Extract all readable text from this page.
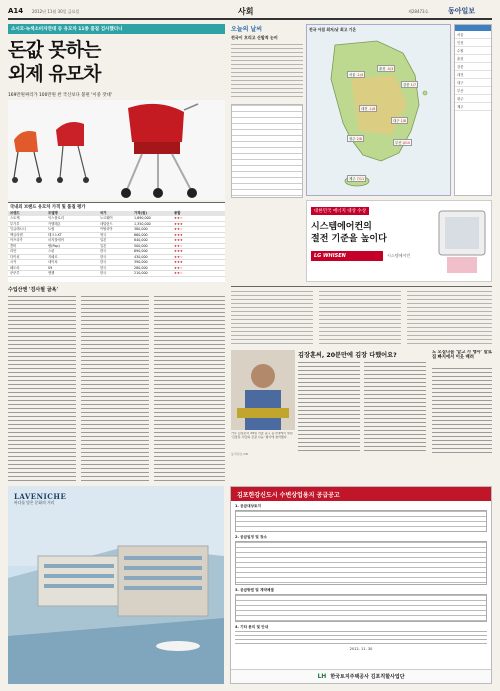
A14 2012년 11월 30일 금요일	사회	제28473호	동아일보
소시모·녹색소비자연대 등 유모차 11종 품질 검사했더니
돈값 못하는
외제 유모차
169만원짜리가 100만원 싼 국산보다 불편 '이중 잣대'
국내외 브랜드 유모차 가격 및 품질 평가
브랜드	모델명	국가	가격(원)	종합
스토케	익스플로리	노르웨이	1,690,000	★★☆
부가부	카멜레온	네덜란드	1,350,000	★★★
잉글레시나	트립	이탈리아	380,000	★★☆
맥클라렌	테크노XT	영국	660,000	★★★
아프리카	마지컬에어	일본	640,000	★★★
콤비	팝(Pop)	일본	500,000	★★☆
리안	스핀	한국	690,000	★★★
다이치	지페르	한국	430,000	★★☆
시커	네이처	한국	390,000	★★★
페도라	S9	한국	280,000	★★☆
쿠쿠루	엔젤	한국	210,000	★★☆
수입산엔 '검사필 굴욕'
오늘의 날씨
전국이 흐리고 산발적 눈비
전국 아침 최저/낮 최고 기온
서울-1/4
춘천-5/3
강릉1/7
대전-1/6
대구1/8
광주2/8
부산4/10
제주7/11
서울
인천
수원
춘천
강릉
대전
대구
부산
광주
제주
대한민국 에너지 대상 수상
시스템에어컨의
절전 기준을 높이다
LG WHISEN	시스템에어컨
가수 김장훈이 29일 서울 중구 동국대에서 열린 '김장훈 사랑의 김장 나눔' 행사에 참석했다.
동아일보 DB
김장훈씨, 20분만에 김장 다했어요?	도 모집나눔 '알고 가 행사' 말로 집 빠지에서 이웃 배려
바다를 담은 문화의 거리
LAVENICHE	김포한강신도시 수변상업용지 공급공고
1. 공급대상토지
2. 공급일정 및 장소
3. 공급방법 및 계약체결
4. 기타 문의 및 안내
2012. 11. 30
LH 한국토지주택공사 김포직할사업단
